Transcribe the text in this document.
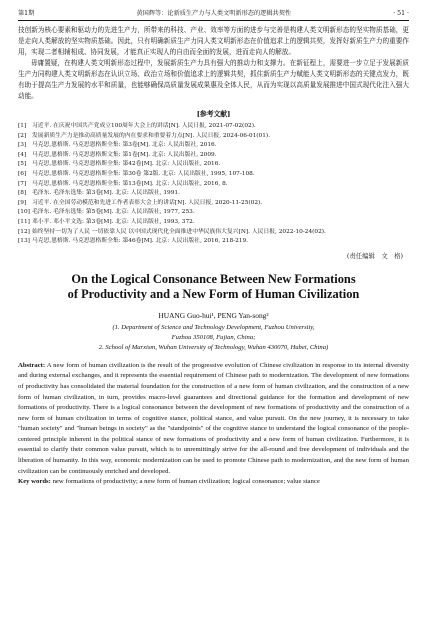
第1期	黄国辉等：论新质生产力与人类文明新形态的逻辑共契性	· 51 ·

技创新为核心要素和驱动力的先进生产力，所带来的科技、产业、效率等方面的进步与完善是构建人类文明新形态的坚实物质基础，更是走向人类解放的坚实物质基础。因此，只有明确新质生产力同人类文明新形态在价值追求上的逻辑共契，发挥好新质生产力的重要作用，实现二者相辅相成、协同发展，才能真正实现人的自由而全面的发展，进而走向人的解放。

毋庸置疑，在构建人类文明新形态过程中，发展新质生产力具有强大的推动力和支撑力。在新征程上，需要进一步立足于发展新质生产力同构建人类文明新形态在认识立场、政治立场和价值追求上的逻辑共契，抓住新质生产力赋能人类文明新形态的关键点发力，既有助于提高生产力发展的水平和质量，也能够确保高质量发展成果惠及全体人民，从而为实现以高质量发展推进中国式现代化注入强大动能。

[参考文献]
[1] 习近平. 在庆祝中国共产党成立100周年大会上的讲话[N]. 人民日报, 2021-07-02(02).
[2] 发展新质生产力是推动高质量发展的内在要求和重要着力点[N]. 人民日报, 2024-06-01(01).
[3] 马克思,恩格斯. 马克思恩格斯全集: 第3卷[M]. 北京: 人民出版社, 2016.
[4] 马克思,恩格斯. 马克思恩格斯文集: 第1卷[M]. 北京: 人民出版社, 2009.
[5] 马克思,恩格斯. 马克思恩格斯全集: 第42卷[M]. 北京: 人民出版社, 2016.
[6] 马克思,恩格斯. 马克思恩格斯全集: 第30卷 第2版. 北京: 人民出版社, 1995, 107-108.
[7] 马克思,恩格斯. 马克思恩格斯全集: 第13卷[M]. 北京: 人民出版社, 2016, 8.
[8] 毛泽东. 毛泽东选集: 第3卷[M]. 北京: 人民出版社, 1991.
[9] 习近平. 在全国劳动模范和先进工作者表彰大会上的讲话[N]. 人民日报, 2020-11-25(02).
[10] 毛泽东. 毛泽东选集: 第5卷[M]. 北京: 人民出版社, 1977, 253.
[11] 邓小平. 邓小平文选: 第3卷[M]. 北京: 人民出版社, 1993, 372.
[12] 始终坚持一切为了人民 一切依靠人民 以中国式现代化全面推进中华民族伟大复兴[N]. 人民日报, 2022-10-24(02).
[13] 马克思,恩格斯. 马克思恩格斯全集: 第46卷[M]. 北京: 人民出版社, 2016, 218-219.
(责任编辑　文　格)
On the Logical Consonance Between New Formations
of Productivity and a New Form of Human Civilization
HUANG Guo-hui¹, PENG Yan-song²
(1. Department of Science and Technology Development, Fuzhou University,
Fuzhou 350108, Fujian, China;
2. School of Marxism, Wuhan University of Technology, Wuhan 430070, Hubei, China)
Abstract: A new form of human civilization is the result of the progressive evolution of Chinese civilization in response to its internal diversity and during external exchanges, and it represents the essential requirement of Chinese path to modernization. The development of new formations of productivity has consolidated the material foundation for the construction of a new form of human civilization, and the construction of a new form of human civilization, in turn, provides macro-level guarantees and directional guidance for the formation and development of new formations of productivity. There is a logical consonance between the development of new formations of productivity and the construction of a new form of human civilization in terms of cognitive stance, political stance, and value pursuit. On the new journey, it is necessary to take "human society" and "human beings in society" as the "standpoints" of the cognitive stance to understand the logical consonance of the people-centered principle inherent in the political stance of new formations of productivity and a new form of human civilization. Furthermore, it is essential to clarify their common value pursuit, which is to unremittingly strive for the all-round and free development of individuals and the liberation of humanity. In this way, economic modernization can be used to promote Chinese path to modernization, and the new form of human civilization can be continuously enriched and developed.
Key words: new formations of productivity; a new form of human civilization; logical consonance; value stance
